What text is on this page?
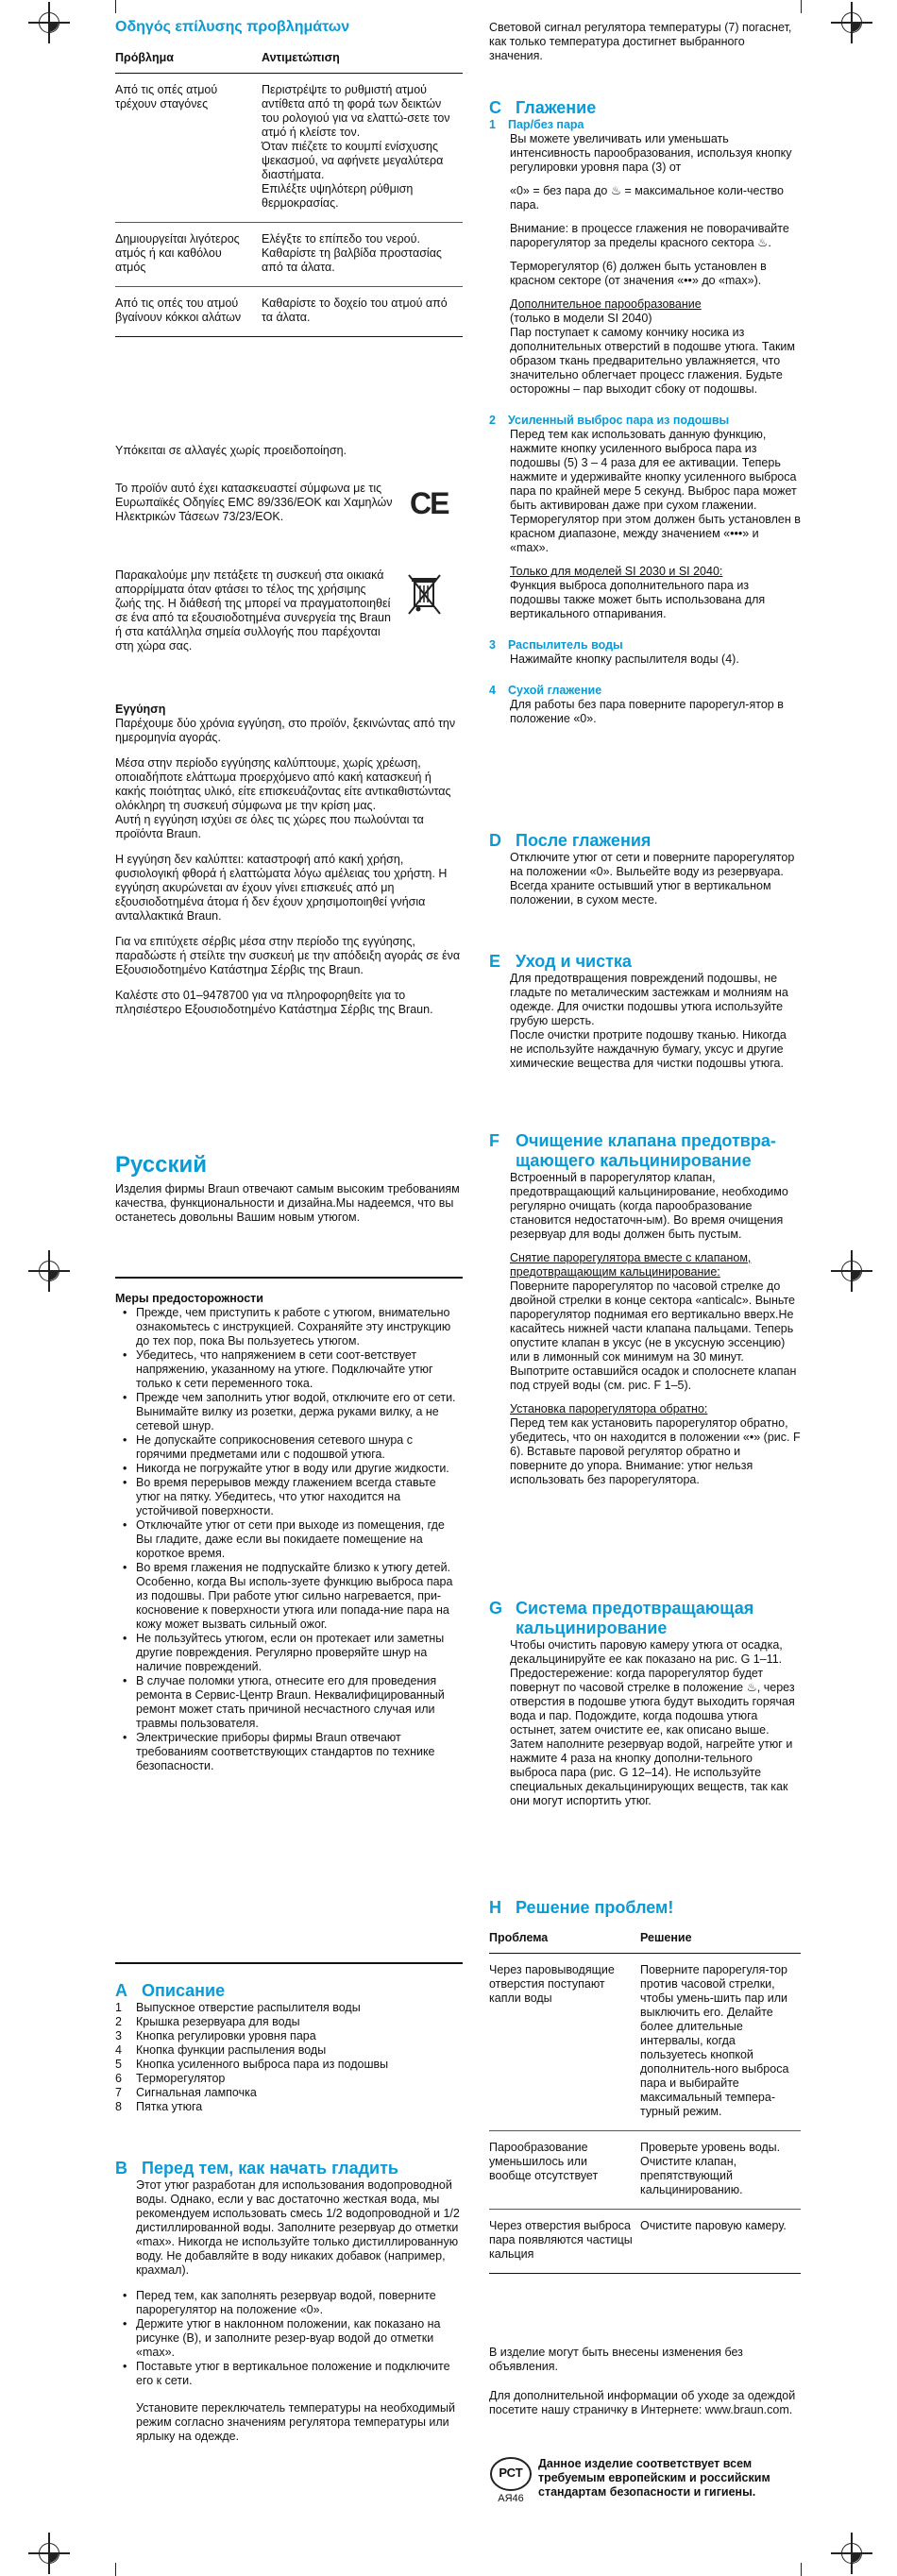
Οδηγός επίλυσης προβλημάτων
Πρόβλημα	Αντιμετώπιση
Από τις οπές ατμού τρέχουν σταγόνες	Περιστρέψτε το ρυθμιστή ατμού αντίθετα από τη φορά των δεικτών του ρολογιού για να ελαττώ-σετε τον ατμό ή κλείστε τον.
Όταν πιέζετε το κουμπί ενίσχυσης ψεκασμού, να αφήνετε μεγαλύτερα διαστήματα.
Επιλέξτε υψηλότερη ρύθμιση θερμοκρασίας.
Δημιουργείται λιγότερος ατμός ή και καθόλου ατμός	Ελέγξτε το επίπεδο του νερού. Καθαρίστε τη βαλβίδα προστασίας από τα άλατα.
Από τις οπές του ατμού βγαίνουν κόκκοι αλάτων	Καθαρίστε το δοχείο του ατμού από τα άλατα.

Υπόκειται σε αλλαγές χωρίς προειδοποίηση.

Το προϊόν αυτό έχει κατασκευαστεί σύμφωνα με τις Ευρωπαϊκές Οδηγίες EMC 89/336/ΕΟΚ και Χαμηλών Ηλεκτρικών Τάσεων 73/23/ΕΟΚ.	CE

Παρακαλούμε μην πετάξετε τη συσκευή στα οικιακά απορρίμματα όταν φτάσει το τέλος της χρήσιμης ζωής της. Η διάθεσή της μπορεί να πραγματοποιηθεί σε ένα από τα εξουσιοδοτημένα συνεργεία της Braun ή στα κατάλληλα σημεία συλλογής που παρέχονται στη χώρα σας.

Εγγύηση

Παρέχουμε δύο χρόνια εγγύηση, στο προϊόν, ξεκινώντας από την ημερομηνία αγοράς.

Μέσα στην περίοδο εγγύησης καλύπτουμε, χωρίς χρέωση, οποιαδήποτε ελάττωμα προερχόμενο από κακή κατασκευή ή κακής ποιότητας υλικό, είτε επισκευάζοντας είτε αντικαθιστώντας ολόκληρη τη συσκευή σύμφωνα με την κρίση μας.
Αυτή η εγγύηση ισχύει σε όλες τις χώρες που πωλούνται τα προϊόντα Braun.

Η εγγύηση δεν καλύπτει: καταστροφή από κακή χρήση, φυσιολογική φθορά ή ελαττώματα λόγω αμέλειας του χρήστη. Η εγγύηση ακυρώνεται αν έχουν γίνει επισκευές από μη εξουσιοδοτημένα άτομα ή δεν έχουν χρησιμοποιηθεί γνήσια ανταλλακτικά Braun.

Για να επιτύχετε σέρβις μέσα στην περίοδο της εγγύησης, παραδώστε ή στείλτε την συσκευή με την απόδειξη αγοράς σε ένα Εξουσιοδοτημένο Κατάστημα Σέρβις της Braun.

Καλέστε στο 01–9478700 για να πληροφορηθείτε για το πλησιέστερο Εξουσιοδοτημένο Κατάστημα Σέρβις της Braun.

Русский

Изделия фирмы Braun отвечают самым высоким требованиям качества, функциональности и дизайна.Мы надеемся, что вы останетесь довольны Вашим новым утюгом.

Меры предосторожности
• Прежде, чем приступить к работе с утюгом, внимательно ознакомьтесь с инструкцией. Сохраняйте эту инструкцию до тех пор, пока Вы пользуетесь утюгом.
• Убедитесь, что напряжением в сети соот-ветствует напряжению, указанному на утюге. Подключайте утюг только к сети переменного тока.
• Прежде чем заполнить утюг водой, отключите его от сети. Вынимайте вилку из розетки, держа руками вилку, а не сетевой шнур.
• Не допускайте соприкосновения сетевого шнура с горячими предметами или с подошвой утюга.
• Никогда не погружайте утюг в воду или другие жидкости.
• Во время перерывов между глажением всегда ставьте утюг на пятку. Убедитесь, что утюг находится на устойчивой поверхности.
• Отключайте утюг от сети при выходе из помещения, где Вы гладите, даже если вы покидаете помещение на короткое время.
• Во время глажения не подпускайте близко к утюгу детей. Особенно, когда Вы исполь-зуете функцию выброса пара из подошвы. При работе утюг сильно нагревается, при-косновение к поверхности утюга или попада-ние пара на кожу может вызвать сильный ожог.
• Не пользуйтесь утюгом, если он протекает или заметны другие повреждения. Регулярно проверяйте шнур на наличие повреждений.
• В случае поломки утюга, отнесите его для проведения ремонта в Сервис-Центр Braun. Неквалифицированный ремонт может стать причиной несчастного случая или травмы пользователя.
• Электрические приборы фирмы Braun отвечают требованиям соответствующих стандартов по технике безопасности.
A Описание
1 Выпускное отверстие распылителя воды
2 Крышка резервуара для воды
3 Кнопка регулировки уровня пара
4 Кнопка функции распыления воды
5 Кнопка усиленного выброса пара из подошвы
6 Терморегулятор
7 Сигнальная лампочка
8 Пятка утюга
B Перед тем, как начать гладить

Этот утюг разработан для использования водопроводной воды. Однако, если у вас достаточно жесткая вода, мы рекомендуем использовать смесь 1/2 водопроводной и 1/2 дистиллированной воды. Заполните резервуар до отметки «max». Никогда не используйте только дистиллированную воду. Не добавляйте в воду никаких добавок (например, крахмал).

• Перед тем, как заполнять резервуар водой, поверните парорегулятор на положение «0».
• Держите утюг в наклонном положении, как показано на рисунке (B), и заполните резер-вуар водой до отметки «max».
• Поставьте утюг в вертикальное положение и подключите его к сети.

Установите переключатель температуры на необходимый режим согласно значениям регулятора температуры или ярлыку на одежде.

Световой сигнал регулятора температуры (7) погаснет, как только температура достигнет выбранного значения.

C Глажение
1 Пар/без пара

Вы можете увеличивать или уменьшать интенсивность парообразования, используя кнопку регулировки уровня пара (3) от

«0» = без пара до ♨ = максимальное коли-чество пара.

Внимание: в процессе глажения не поворачивайте парорегулятор за пределы красного сектора ♨.

Терморегулятор (6) должен быть установлен в красном секторе (от значения «••» до «max»).

Дополнительное парообразование

(только в модели SI 2040)
Пар поступает к самому кончику носика из дополнительных отверстий в подошве утюга. Таким образом ткань предварительно увлажняется, что значительно облегчает процесс глажения. Будьте осторожны – пар выходит сбоку от подошвы.

2 Усиленный выброс пара из подошвы

Перед тем как использовать данную функцию, нажмите кнопку усиленного выброса пара из подошвы (5) 3 – 4 раза для ее активации. Теперь нажмите и удерживайте кнопку усиленного выброса пара по крайней мере 5 секунд. Выброс пара может быть активирован даже при сухом глажении. Терморегулятор при этом должен быть установлен в красном диапазоне, между значением «•••» и «max».

Только для моделей SI 2030 и SI 2040:

Функция выброса дополнительного пара из подошвы также может быть использована для вертикального отпаривания.

3 Распылитель воды

Нажимайте кнопку распылителя воды (4).

4 Сухой глажение

Для работы без пара поверните парорегул-ятор в положение «0».

D После глажения

Отключите утюг от сети и поверните парорегулятор на положении «0». Выльейте воду из резервуара. Всегда храните остывший утюг в вертикальном положении, в сухом месте.

E Уход и чистка

Для предотвращения повреждений подошвы, не гладьте по металическим застежкам и молниям на одежде. Для очистки подошвы утюга используйте грубую шерсть.
После очистки протрите подошву тканью. Никогда не используйте наждачную бумагу, уксус и другие химические вещества для чистки подошвы утюга.

F Очищение клапана предотвра-щающего кальцинирование

Встроенный в парорегулятор клапан, предотвращающий кальцинирование, необходимо регулярно очищать (когда парообразование становится недостаточн-ым). Во время очищения резервуар для воды должен быть пустым.

Снятие парорегулятора вместе с клапаном, предотвращающим кальцинирование:

Поверните парорегулятор по часовой стрелке до двойной стрелки в конце сектора «anticalc». Выньте парорегулятор поднимая его вертикально вверх.Не касайтесь нижней части клапана пальцами. Теперь опустите клапан в уксус (не в уксусную эссенцию) или в лимонный сок минимум на 30 минут. Выпотрите оставшийся осадок и сполоснете клапан под струей воды (см. рис. F 1–5).

Установка парорегулятора обратно:

Перед тем как установить парорегулятор обратно, убедитесь, что он находится в положении «•» (рис. F 6). Вставьте паровой регулятор обратно и поверните до упора. Внимание: утюг нельзя использовать без парорегулятора.

G Система предотвращающая кальцинирование

Чтобы очистить паровую камеру утюга от осадка, декальцинируйте ее как показано на рис. G 1–11.
Предостережение: когда парорегулятор будет повернут по часовой стрелке в положение ♨, через отверстия в подошве утюга будут выходить горячая вода и пар. Подождите, когда подошва утюга остынет, затем очистите ее, как описано выше. Затем наполните резервуар водой, нагрейте утюг и нажмите 4 раза на кнопку дополни-тельного выброса пара (рис. G 12–14). Не используйте специальных декальцинирующих веществ, так как они могут испортить утюг.

H Решение проблем!
Проблема	Решение
Через паровыводящие отверстия поступают капли воды	Поверните парорегуля-тор против часовой стрелки, чтобы умень-шить пар или выключить его. Делайте более длительные интервалы, когда пользуетесь кнопкой дополнитель-ного выброса пара и выбирайте максимальный темпера-турный режим.
Парообразование уменьшилось или вообще отсутствует	Проверьте уровень воды. Очистите клапан, препятствующий кальцинированию.
Через отверстия выброса пара появляются частицы кальция	Очистите паровую камеру.

В изделие могут быть внесены изменения без объявления.

Для дополнительной информации об уходе за одеждой посетите нашу страничку в Интернете: www.braun.com.

РСТ
АЯ46

Данное изделие соответствует всем требуемым европейским и российским стандартам безопасности и гигиены.
